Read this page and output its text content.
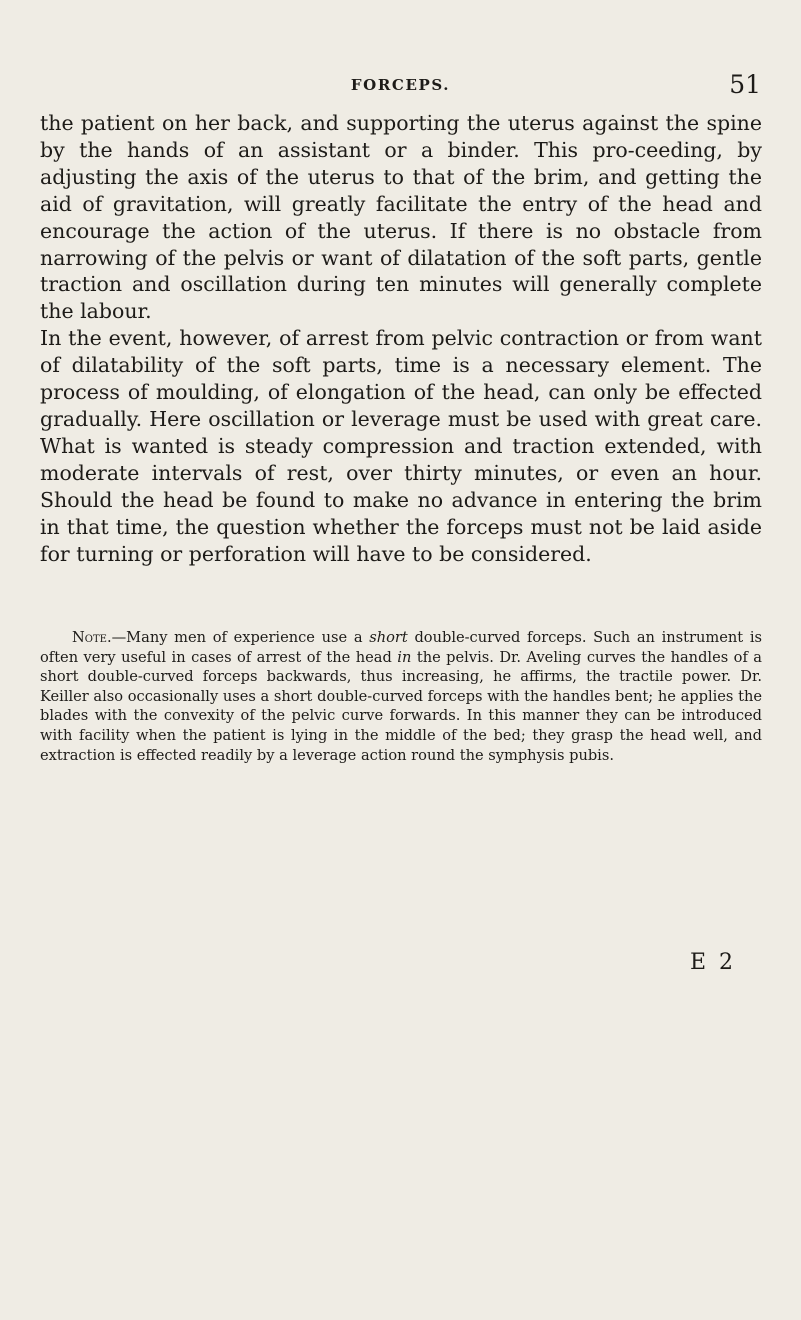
FORCEPS.	51

the patient on her back, and supporting the uterus against the spine by the hands of an assistant or a binder. This pro-ceeding, by adjusting the axis of the uterus to that of the brim, and getting the aid of gravitation, will greatly facilitate the entry of the head and encourage the action of the uterus. If there is no obstacle from narrowing of the pelvis or want of dilatation of the soft parts, gentle traction and oscillation during ten minutes will generally complete the labour.

In the event, however, of arrest from pelvic contraction or from want of dilatability of the soft parts, time is a necessary element. The process of moulding, of elongation of the head, can only be effected gradually. Here oscillation or leverage must be used with great care. What is wanted is steady compression and traction extended, with moderate intervals of rest, over thirty minutes, or even an hour. Should the head be found to make no advance in entering the brim in that time, the question whether the forceps must not be laid aside for turning or perforation will have to be considered.

Note.—Many men of experience use a short double-curved forceps. Such an instrument is often very useful in cases of arrest of the head in the pelvis. Dr. Aveling curves the handles of a short double-curved forceps backwards, thus increasing, he affirms, the tractile power. Dr. Keiller also occasionally uses a short double-curved forceps with the handles bent; he applies the blades with the convexity of the pelvic curve forwards. In this manner they can be introduced with facility when the patient is lying in the middle of the bed; they grasp the head well, and extraction is effected readily by a leverage action round the symphysis pubis.

E 2
